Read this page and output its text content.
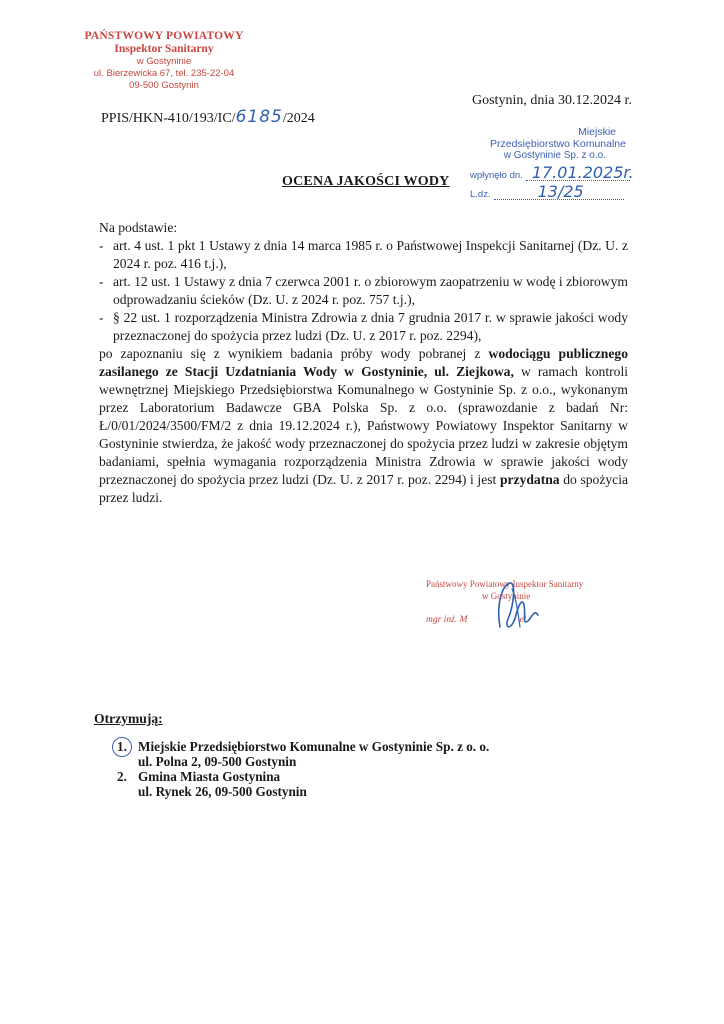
PAŃSTWOWY POWIATOWY
Inspektor Sanitarny
w Gostyninie
ul. Bierzewicka 67, tel. 235-22-04
09-500 Gostynin
PPIS/HKN-410/193/IC/6185/2024
Gostynin, dnia 30.12.2024 r.
Miejskie
Przedsiębiorstwo Komunalne
w Gostyninie Sp. z o.o.
wpłynęło dn. 17.01.2025r.
L.dz.	13/25
OCENA JAKOŚCI WODY

Na podstawie:

- art. 4 ust. 1 pkt 1 Ustawy z dnia 14 marca 1985 r. o Państwowej Inspekcji Sanitarnej (Dz. U. z 2024 r. poz. 416 t.j.),
- art. 12 ust. 1 Ustawy z dnia 7 czerwca 2001 r. o zbiorowym zaopatrzeniu w wodę i zbiorowym odprowadzaniu ścieków (Dz. U. z 2024 r. poz. 757 t.j.),
- § 22 ust. 1 rozporządzenia Ministra Zdrowia z dnia 7 grudnia 2017 r. w sprawie jakości wody przeznaczonej do spożycia przez ludzi (Dz. U. z 2017 r. poz. 2294),

po zapoznaniu się z wynikiem badania próby wody pobranej z wodociągu publicznego zasilanego ze Stacji Uzdatniania Wody w Gostyninie, ul. Ziejkowa, w ramach kontroli wewnętrznej Miejskiego Przedsiębiorstwa Komunalnego w Gostyninie Sp. z o.o., wykonanym przez Laboratorium Badawcze GBA Polska Sp. z o.o. (sprawozdanie z badań Nr: Ł/0/01/2024/3500/FM/2 z dnia 19.12.2024 r.), Państwowy Powiatowy Inspektor Sanitarny w Gostyninie stwierdza, że jakość wody przeznaczonej do spożycia przez ludzi w zakresie objętym badaniami, spełnia wymagania rozporządzenia Ministra Zdrowia w sprawie jakości wody przeznaczonej do spożycia przez ludzi (Dz. U. z 2017 r. poz. 2294) i jest przydatna do spożycia przez ludzi.

Państwowy Powiatowy Inspektor Sanitarny
w Gostyninie
mgr inż. M	el
Otrzymują:
1. Miejskie Przedsiębiorstwo Komunalne w Gostyninie Sp. z o. o.
ul. Polna 2, 09-500 Gostynin
2. Gmina Miasta Gostynina
ul. Rynek 26, 09-500 Gostynin
